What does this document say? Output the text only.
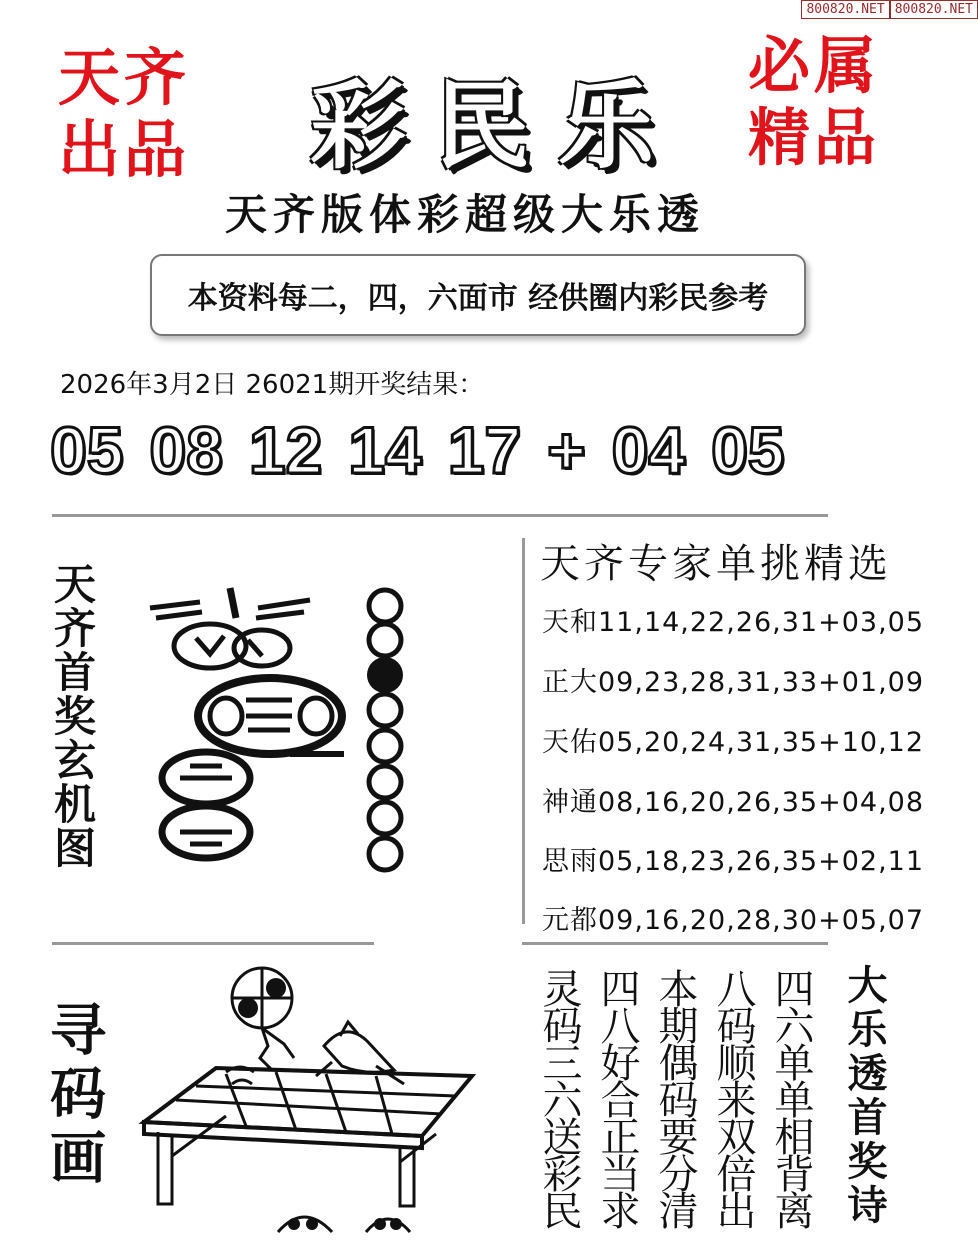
800820.NET 800820.NET
天齐
出品
必属
精品
彩民乐
天齐版体彩超级大乐透
本资料每二，四，六面市 经供圈内彩民参考
2026年3月2日 26021期开奖结果：
05 08 12 14 17 + 04 05
天齐首奖玄机图	天齐专家单挑精选
天和11,14,22,26,31+03,05
正大09,23,28,31,33+01,09
天佑05,20,24,31,35+10,12
神通08,16,20,26,35+04,08
思雨05,18,23,26,35+02,11
元都09,16,20,28,30+05,07
寻码画	大乐透首奖诗
四六单单相背离
八码顺来双倍出
本期偶码要分清
四八好合正当求
灵码三六送彩民
